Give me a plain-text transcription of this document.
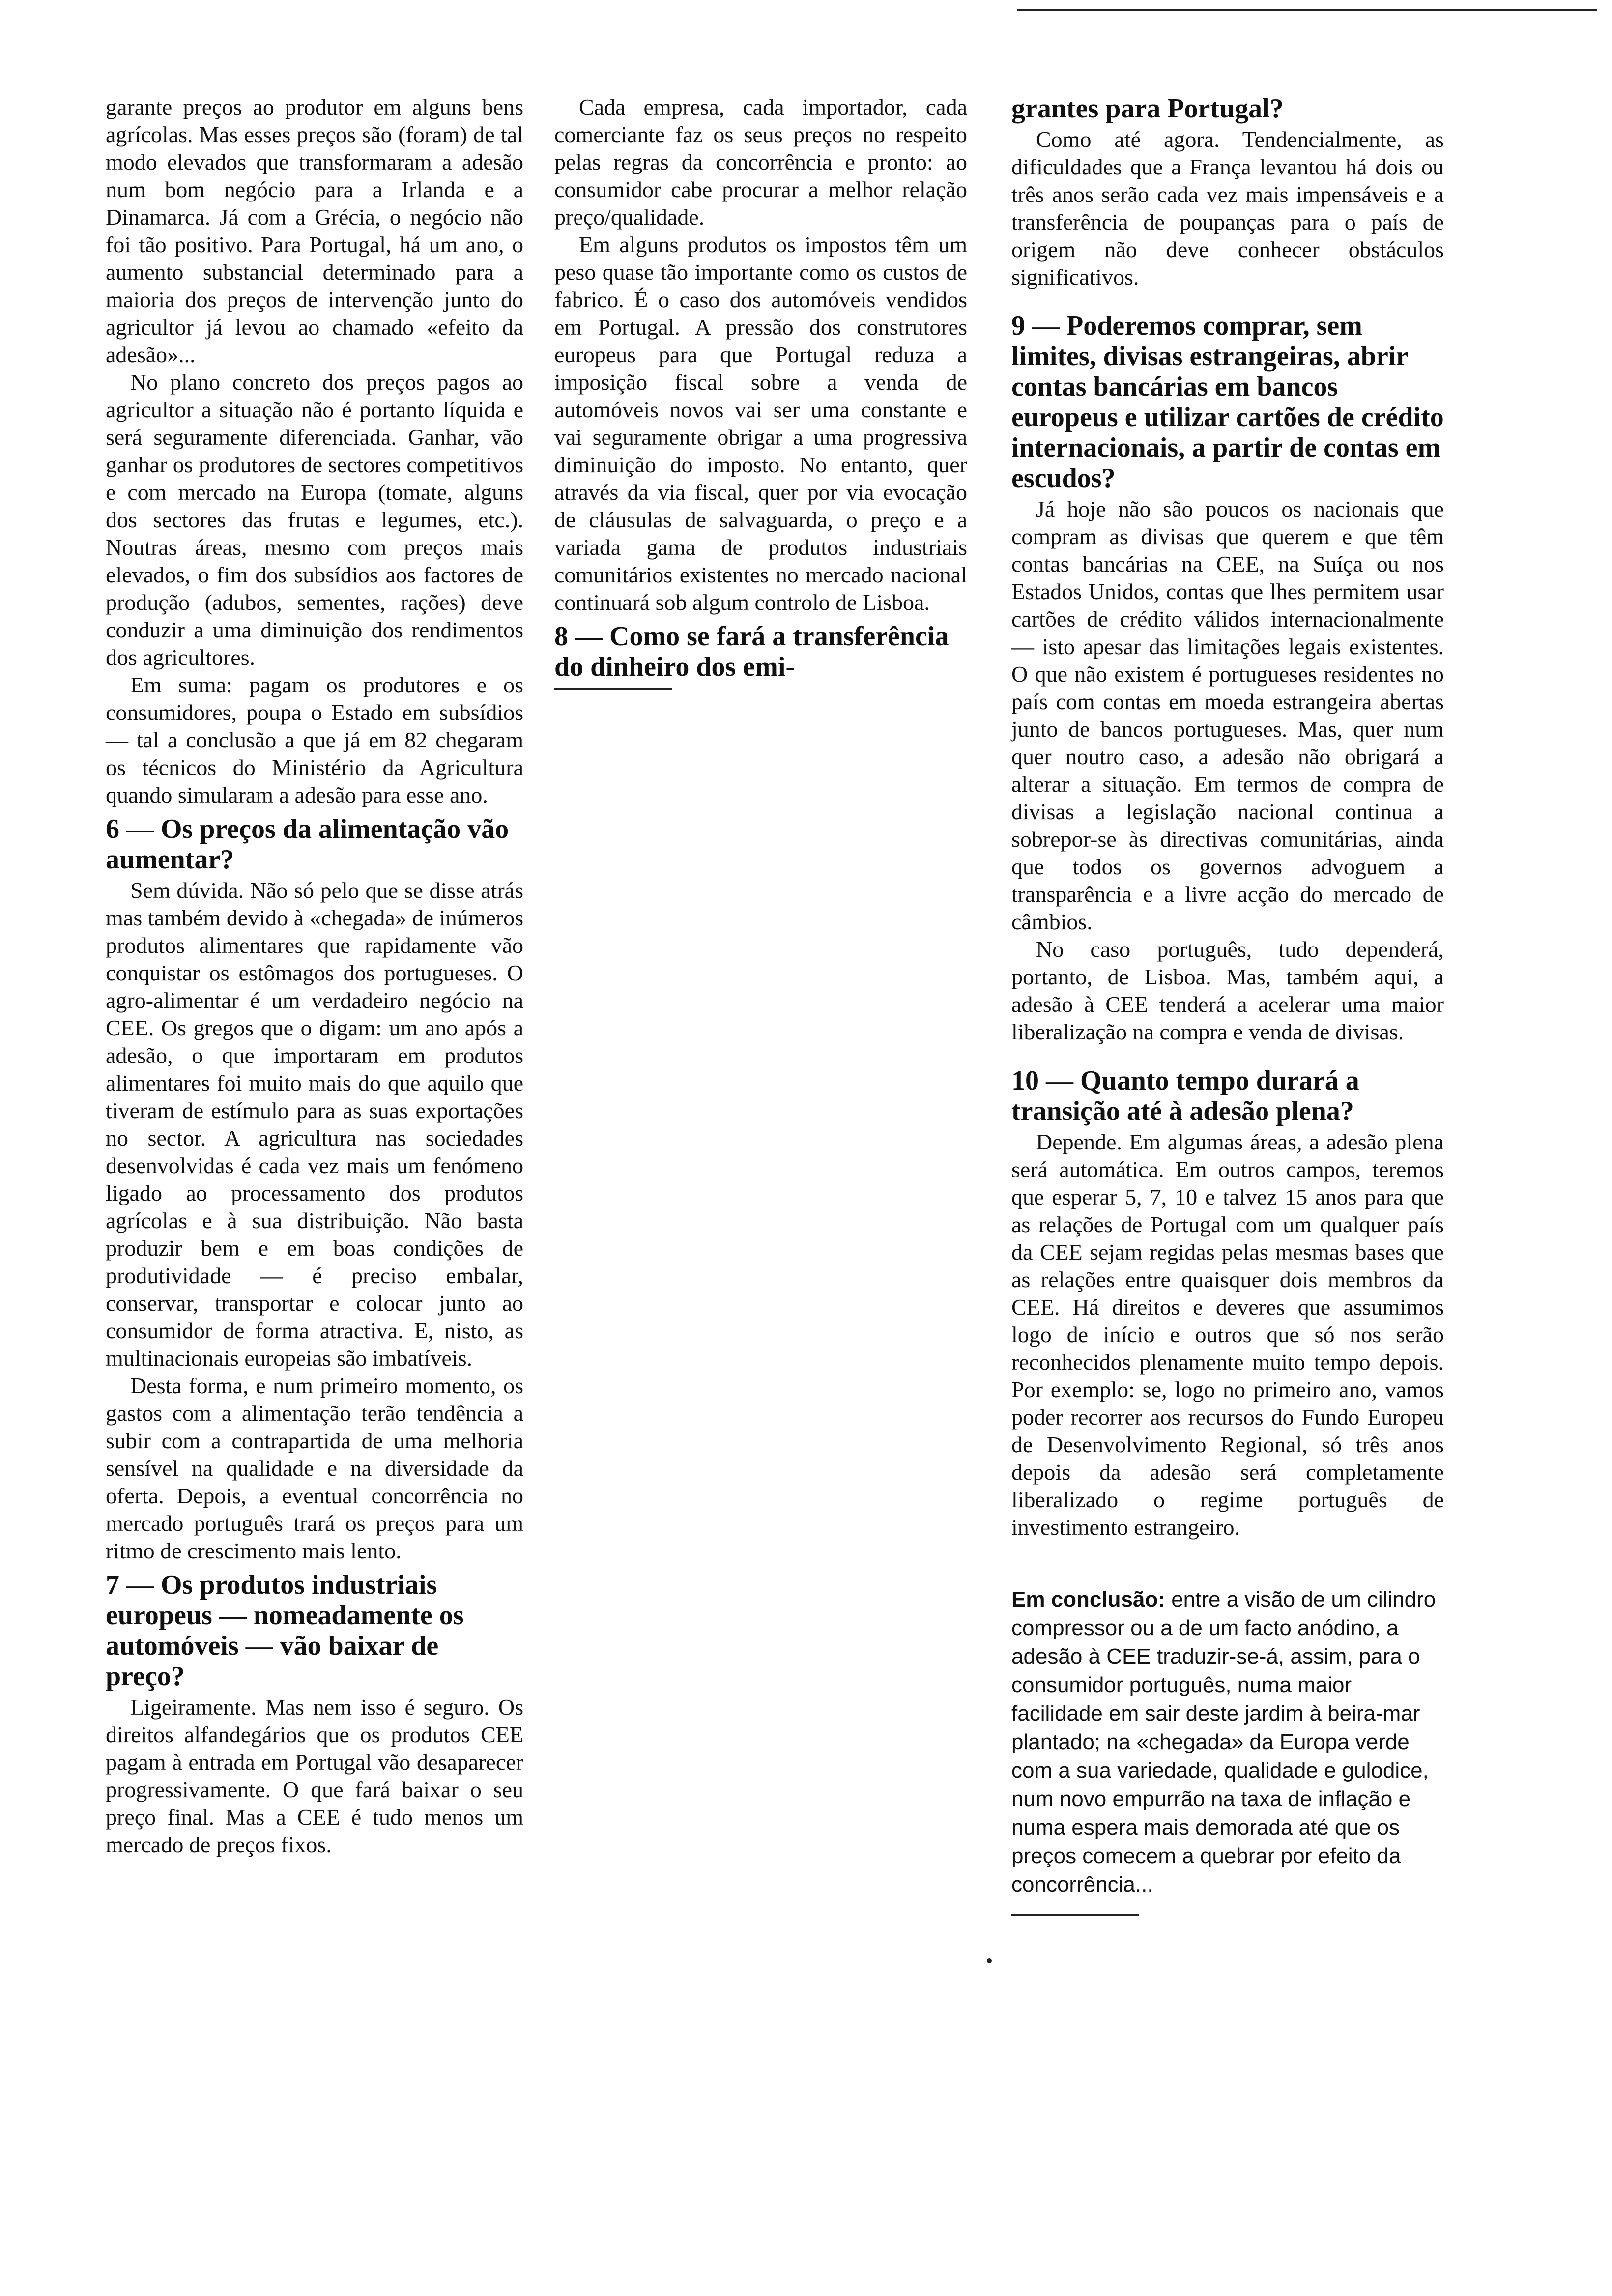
garante preços ao produtor em alguns bens agrícolas. Mas esses preços são (foram) de tal modo elevados que transformaram a adesão num bom negócio para a Irlanda e a Dinamarca. Já com a Grécia, o negócio não foi tão positivo. Para Portugal, há um ano, o aumento substancial determinado para a maioria dos preços de intervenção junto do agricultor já levou ao chamado «efeito da adesão»...

No plano concreto dos preços pagos ao agricultor a situação não é portanto líquida e será seguramente diferenciada. Ganhar, vão ganhar os produtores de sectores competitivos e com mercado na Europa (tomate, alguns dos sectores das frutas e legumes, etc.). Noutras áreas, mesmo com preços mais elevados, o fim dos subsídios aos factores de produção (adubos, sementes, rações) deve conduzir a uma diminuição dos rendimentos dos agricultores.

Em suma: pagam os produtores e os consumidores, poupa o Estado em subsídios — tal a conclusão a que já em 82 chegaram os técnicos do Ministério da Agricultura quando simularam a adesão para esse ano.

6 — Os preços da alimentação vão aumentar?

Sem dúvida. Não só pelo que se disse atrás mas também devido à «chegada» de inúmeros produtos alimentares que rapidamente vão conquistar os estômagos dos portugueses. O agro-alimentar é um verdadeiro negócio na CEE. Os gregos que o digam: um ano após a adesão, o que importaram em produtos alimentares foi muito mais do que aquilo que tiveram de estímulo para as suas exportações no sector. A agricultura nas sociedades desenvolvidas é cada vez mais um fenómeno ligado ao processamento dos produtos agrícolas e à sua distribuição. Não basta produzir bem e em boas condições de produtividade — é preciso embalar, conservar, transportar e colocar junto ao consumidor de forma atractiva. E, nisto, as multinacionais europeias são imbatíveis.

Desta forma, e num primeiro momento, os gastos com a alimentação terão tendência a subir com a contrapartida de uma melhoria sensível na qualidade e na diversidade da oferta. Depois, a eventual concorrência no mercado português trará os preços para um ritmo de crescimento mais lento.

7 — Os produtos industriais europeus — nomeadamente os automóveis — vão baixar de preço?

Ligeiramente. Mas nem isso é seguro. Os direitos alfandegários que os produtos CEE pagam à entrada em Portugal vão desaparecer progressivamente. O que fará baixar o seu preço final. Mas a CEE é tudo menos um mercado de preços fixos.

Cada empresa, cada importador, cada comerciante faz os seus preços no respeito pelas regras da concorrência e pronto: ao consumidor cabe procurar a melhor relação preço/qualidade.

Em alguns produtos os impostos têm um peso quase tão importante como os custos de fabrico. É o caso dos automóveis vendidos em Portugal. A pressão dos construtores europeus para que Portugal reduza a imposição fiscal sobre a venda de automóveis novos vai ser uma constante e vai seguramente obrigar a uma progressiva diminuição do imposto. No entanto, quer através da via fiscal, quer por via evocação de cláusulas de salvaguarda, o preço e a variada gama de produtos industriais comunitários existentes no mercado nacional continuará sob algum controlo de Lisboa.

8 — Como se fará a transferência do dinheiro dos emi-
grantes para Portugal?

Como até agora. Tendencialmente, as dificuldades que a França levantou há dois ou três anos serão cada vez mais impensáveis e a transferência de poupanças para o país de origem não deve conhecer obstáculos significativos.

9 — Poderemos comprar, sem limites, divisas estrangeiras, abrir contas bancárias em bancos europeus e utilizar cartões de crédito internacionais, a partir de contas em escudos?

Já hoje não são poucos os nacionais que compram as divisas que querem e que têm contas bancárias na CEE, na Suíça ou nos Estados Unidos, contas que lhes permitem usar cartões de crédito válidos internacionalmente — isto apesar das limitações legais existentes. O que não existem é portugueses residentes no país com contas em moeda estrangeira abertas junto de bancos portugueses. Mas, quer num quer noutro caso, a adesão não obrigará a alterar a situação. Em termos de compra de divisas a legislação nacional continua a sobrepor-se às directivas comunitárias, ainda que todos os governos advoguem a transparência e a livre acção do mercado de câmbios.

No caso português, tudo dependerá, portanto, de Lisboa. Mas, também aqui, a adesão à CEE tenderá a acelerar uma maior liberalização na compra e venda de divisas.

10 — Quanto tempo durará a transição até à adesão plena?

Depende. Em algumas áreas, a adesão plena será automática. Em outros campos, teremos que esperar 5, 7, 10 e talvez 15 anos para que as relações de Portugal com um qualquer país da CEE sejam regidas pelas mesmas bases que as relações entre quaisquer dois membros da CEE. Há direitos e deveres que assumimos logo de início e outros que só nos serão reconhecidos plenamente muito tempo depois. Por exemplo: se, logo no primeiro ano, vamos poder recorrer aos recursos do Fundo Europeu de Desenvolvimento Regional, só três anos depois da adesão será completamente liberalizado o regime português de investimento estrangeiro.

Em conclusão: entre a visão de um cilindro compressor ou a de um facto anódino, a adesão à CEE traduzir-se-á, assim, para o consumidor português, numa maior facilidade em sair deste jardim à beira-mar plantado; na «chegada» da Europa verde com a sua variedade, qualidade e gulodice, num novo empurrão na taxa de inflação e numa espera mais demorada até que os preços comecem a quebrar por efeito da concorrência...
